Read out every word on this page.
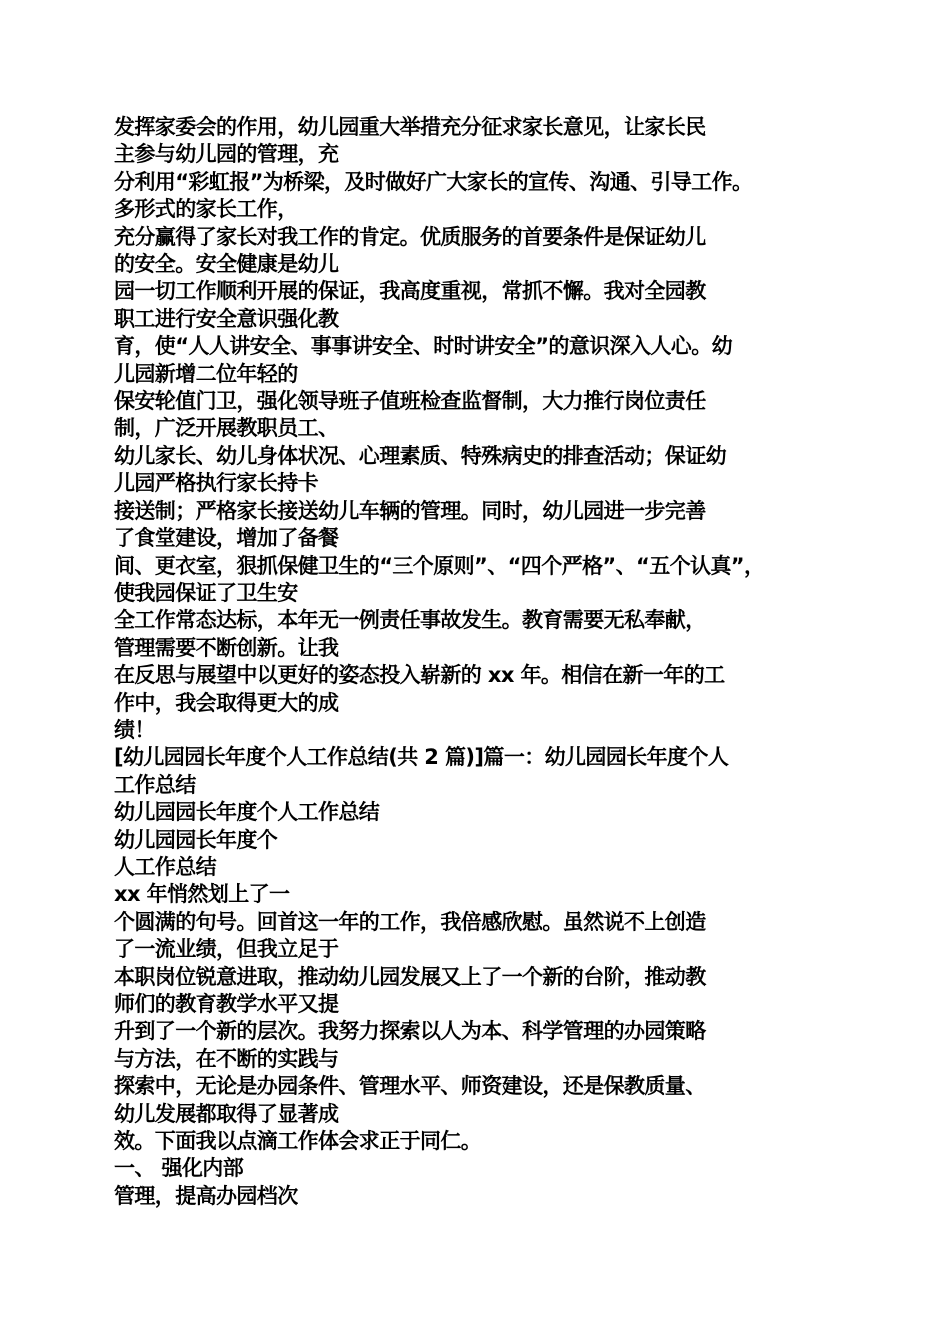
发挥家委会的作用，幼儿园重大举措充分征求家长意见，让家长民
主参与幼儿园的管理，充
分利用“彩虹报”为桥梁，及时做好广大家长的宣传、沟通、引导工作。
多形式的家长工作，
充分赢得了家长对我工作的肯定。优质服务的首要条件是保证幼儿
的安全。安全健康是幼儿
园一切工作顺利开展的保证，我高度重视，常抓不懈。我对全园教
职工进行安全意识强化教
育，使“人人讲安全、事事讲安全、时时讲安全”的意识深入人心。幼
儿园新增二位年轻的
保安轮值门卫，强化领导班子值班检查监督制，大力推行岗位责任
制，广泛开展教职员工、
幼儿家长、幼儿身体状况、心理素质、特殊病史的排查活动；保证幼
儿园严格执行家长持卡
接送制；严格家长接送幼儿车辆的管理。同时，幼儿园进一步完善
了食堂建设，增加了备餐
间、更衣室，狠抓保健卫生的“三个原则”、“四个严格”、“五个认真”，
使我园保证了卫生安
全工作常态达标，本年无一例责任事故发生。教育需要无私奉献，
管理需要不断创新。让我
在反思与展望中以更好的姿态投入崭新的 xx 年。相信在新一年的工
作中，我会取得更大的成
绩！
[幼儿园园长年度个人工作总结(共 2 篇)]篇一：幼儿园园长年度个人
工作总结
幼儿园园长年度个人工作总结
幼儿园园长年度个
人工作总结
xx 年悄然划上了一
个圆满的句号。回首这一年的工作，我倍感欣慰。虽然说不上创造
了一流业绩，但我立足于
本职岗位锐意进取，推动幼儿园发展又上了一个新的台阶，推动教
师们的教育教学水平又提
升到了一个新的层次。我努力探索以人为本、科学管理的办园策略
与方法，在不断的实践与
探索中，无论是办园条件、管理水平、师资建设，还是保教质量、
幼儿发展都取得了显著成
效。下面我以点滴工作体会求正于同仁。
一、 强化内部
管理，提高办园档次
